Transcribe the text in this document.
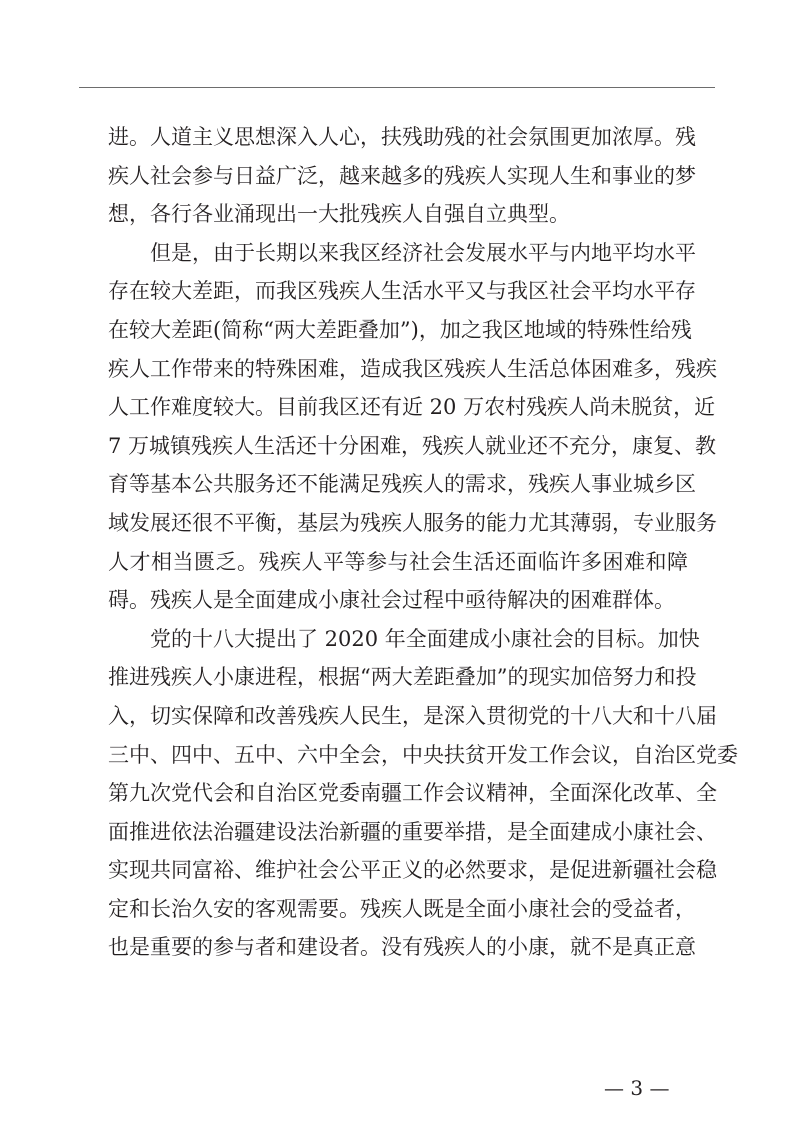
进。人道主义思想深入人心，扶残助残的社会氛围更加浓厚。残
疾人社会参与日益广泛，越来越多的残疾人实现人生和事业的梦
想，各行各业涌现出一大批残疾人自强自立典型。
但是，由于长期以来我区经济社会发展水平与内地平均水平
存在较大差距，而我区残疾人生活水平又与我区社会平均水平存
在较大差距(简称“两大差距叠加”)，加之我区地域的特殊性给残
疾人工作带来的特殊困难，造成我区残疾人生活总体困难多，残疾
人工作难度较大。目前我区还有近 20 万农村残疾人尚未脱贫，近
7 万城镇残疾人生活还十分困难，残疾人就业还不充分，康复、教
育等基本公共服务还不能满足残疾人的需求，残疾人事业城乡区
域发展还很不平衡，基层为残疾人服务的能力尤其薄弱，专业服务
人才相当匮乏。残疾人平等参与社会生活还面临许多困难和障
碍。残疾人是全面建成小康社会过程中亟待解决的困难群体。
党的十八大提出了 2020 年全面建成小康社会的目标。加快
推进残疾人小康进程，根据“两大差距叠加”的现实加倍努力和投
入，切实保障和改善残疾人民生，是深入贯彻党的十八大和十八届
三中、四中、五中、六中全会，中央扶贫开发工作会议，自治区党委
第九次党代会和自治区党委南疆工作会议精神，全面深化改革、全
面推进依法治疆建设法治新疆的重要举措，是全面建成小康社会、
实现共同富裕、维护社会公平正义的必然要求，是促进新疆社会稳
定和长治久安的客观需要。残疾人既是全面小康社会的受益者，
也是重要的参与者和建设者。没有残疾人的小康，就不是真正意
— 3 —
